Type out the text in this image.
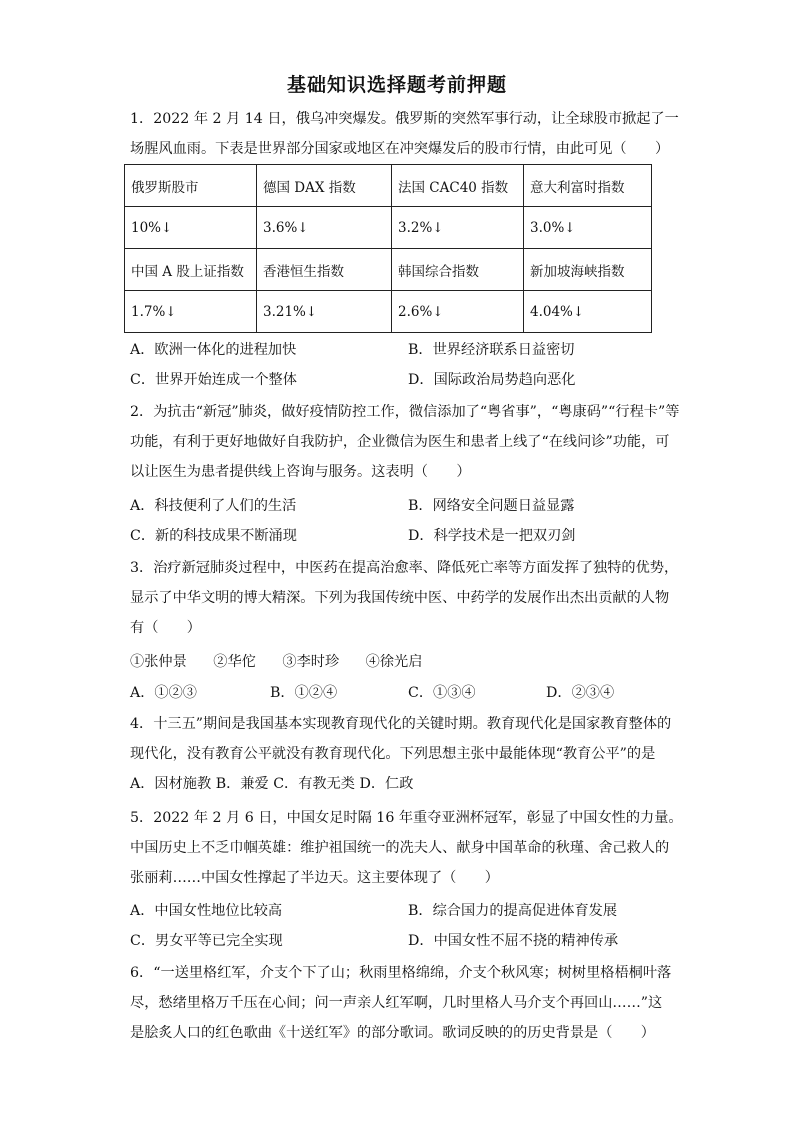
基础知识选择题考前押题
1．2022 年 2 月 14 日，俄乌冲突爆发。俄罗斯的突然军事行动，让全球股市掀起了一
场腥风血雨。下表是世界部分国家或地区在冲突爆发后的股市行情，由此可见（　　）
俄罗斯股市	德国 DAX 指数	法国 CAC40 指数	意大利富时指数
10%↓	3.6%↓	3.2%↓	3.0%↓
中国 A 股上证指数	香港恒生指数	韩国综合指数	新加坡海峡指数
1.7%↓	3.21%↓	2.6%↓	4.04%↓
A．欧洲一体化的进程加快	B．世界经济联系日益密切
C．世界开始连成一个整体	D．国际政治局势趋向恶化
2．为抗击“新冠”肺炎，做好疫情防控工作，微信添加了“粤省事”，“粤康码”“行程卡”等
功能，有利于更好地做好自我防护，企业微信为医生和患者上线了“在线问诊”功能，可
以让医生为患者提供线上咨询与服务。这表明（　　）
A．科技便利了人们的生活	B．网络安全问题日益显露
C．新的科技成果不断涌现	D．科学技术是一把双刃剑
3．治疗新冠肺炎过程中，中医药在提高治愈率、降低死亡率等方面发挥了独特的优势，
显示了中华文明的博大精深。下列为我国传统中医、中药学的发展作出杰出贡献的人物
有（　　）
①张仲景 ②华佗 ③李时珍 ④徐光启
A．①②③	B．①②④	C．①③④	D．②③④
4．十三五”期间是我国基本实现教育现代化的关键时期。教育现代化是国家教育整体的
现代化，没有教育公平就没有教育现代化。下列思想主张中最能体现“教育公平”的是
A．因材施教 B．兼爱 C．有教无类 D．仁政
5．2022 年 2 月 6 日，中国女足时隔 16 年重夺亚洲杯冠军，彰显了中国女性的力量。
中国历史上不乏巾帼英雄：维护祖国统一的冼夫人、献身中国革命的秋瑾、舍己救人的
张丽莉……中国女性撑起了半边天。这主要体现了（　　）
A．中国女性地位比较高	B．综合国力的提高促进体育发展
C．男女平等已完全实现	D．中国女性不屈不挠的精神传承
6．“一送里格红军，介支个下了山；秋雨里格绵绵，介支个秋风寒；树树里格梧桐叶落
尽，愁绪里格万千压在心间；问一声亲人红军啊，几时里格人马介支个再回山……”这
是脍炙人口的红色歌曲《十送红军》的部分歌词。歌词反映的的历史背景是（　　）
